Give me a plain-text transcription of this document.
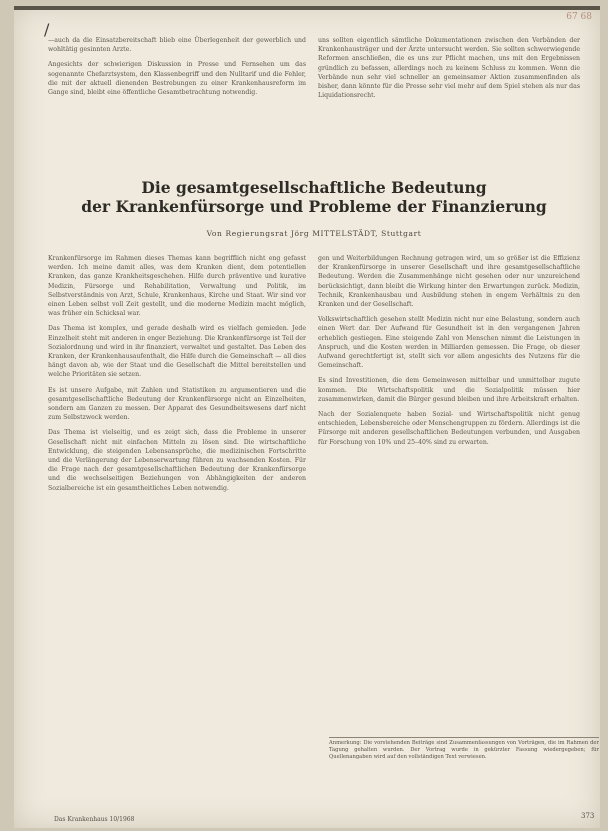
67 68
/

—auch da die Einsatzbereitschaft blieb eine Überlegenheit der gewerblich und wohltätig gesinnten Arzte.

Angesichts der schwierigen Diskussion in Presse und Fernsehen um das sogenannte Chefarztsystem, den Klassenbegriff und den Nulltarif und die Fehler, die mit der aktuell dienenden Bestrebungen zu einer Krankenhausreform im Gange sind, bleibt eine öffentliche Gesamtbetrachtung notwendig.

uns sollten eigentlich sämtliche Dokumentationen zwischen den Verbänden der Krankenhausträger und der Ärzte untersucht werden. Sie sollten schwerwiegende Reformen anschließen, die es uns zur Pflicht machen, uns mit den Ergebnissen gründlich zu befassen, allerdings noch zu keinem Schluss zu kommen. Wenn die Verbände nun sehr viel schneller an gemeinsamer Aktion zusammenfinden als bisher, dann könnte für die Presse sehr viel mehr auf dem Spiel stehen als nur das Liquidationsrecht.

Die gesamtgesellschaftliche Bedeutung
der Krankenfürsorge und Probleme der Finanzierung
Von Regierungsrat Jörg MITTELSTÄDT, Stuttgart

Krankenfürsorge im Rahmen dieses Themas kann begrifflich nicht eng gefasst werden. Ich meine damit alles, was dem Kranken dient, dem potentiellen Kranken, das ganze Krankheitsgeschehen. Hilfe durch präventive und kurative Medizin, Fürsorge und Rehabilitation, Verwaltung und Politik, im Selbstverständnis von Arzt, Schule, Krankenhaus, Kirche und Staat. Wir sind vor einen Leben selbst voll Zeit gestellt, und die moderne Medizin macht möglich, was früher ein Schicksal war.

Das Thema ist komplex, und gerade deshalb wird es vielfach gemieden. Jede Einzelheit steht mit anderen in enger Beziehung. Die Krankenfürsorge ist Teil der Sozialordnung und wird in ihr finanziert, verwaltet und gestaltet. Das Leben des Kranken, der Krankenhausaufenthalt, die Hilfe durch die Gemeinschaft — all dies hängt davon ab, wie der Staat und die Gesellschaft die Mittel bereitstellen und welche Prioritäten sie setzen.

Es ist unsere Aufgabe, mit Zahlen und Statistiken zu argumentieren und die gesamtgesellschaftliche Bedeutung der Krankenfürsorge nicht an Einzelheiten, sondern am Ganzen zu messen. Der Apparat des Gesundheitswesens darf nicht zum Selbstzweck werden.

Das Thema ist vielseitig, und es zeigt sich, dass die Probleme in unserer Gesellschaft nicht mit einfachen Mitteln zu lösen sind. Die wirtschaftliche Entwicklung, die steigenden Lebensansprüche, die medizinischen Fortschritte und die Verlängerung der Lebenserwartung führen zu wachsenden Kosten. Für die Frage nach der gesamtgesellschaftlichen Bedeutung der Krankenfürsorge und die wechselseitigen Beziehungen von Abhängigkeiten der anderen Sozialbereiche ist ein gesamtheitliches Leben notwendig.

gen und Weiterbildungen Rechnung getragen wird, um so größer ist die Effizienz der Krankenfürsorge in unserer Gesellschaft und ihre gesamtgesellschaftliche Bedeutung. Werden die Zusammenhänge nicht gesehen oder nur unzureichend berücksichtigt, dann bleibt die Wirkung hinter den Erwartungen zurück. Medizin, Technik, Krankenhausbau und Ausbildung stehen in engem Verhältnis zu den Kranken und der Gesellschaft.

Volkswirtschaftlich gesehen stellt Medizin nicht nur eine Belastung, sondern auch einen Wert dar. Der Aufwand für Gesundheit ist in den vergangenen Jahren erheblich gestiegen. Eine steigende Zahl von Menschen nimmt die Leistungen in Anspruch, und die Kosten werden in Milliarden gemessen. Die Frage, ob dieser Aufwand gerechtfertigt ist, stellt sich vor allem angesichts des Nutzens für die Gemeinschaft.

Es sind Investitionen, die dem Gemeinwesen mittelbar und unmittelbar zugute kommen. Die Wirtschaftspolitik und die Sozialpolitik müssen hier zusammenwirken, damit die Bürger gesund bleiben und ihre Arbeitskraft erhalten.

Nach der Sozialenquete haben Sozial- und Wirtschaftspolitik nicht genug entschieden, Lebensbereiche oder Menschengruppen zu fördern. Allerdings ist die Fürsorge mit anderen gesellschaftlichen Bedeutungen verbunden, und Ausgaben für Forschung von 10% und 25–40% sind zu erwarten.

Anmerkung: Die vorstehenden Beiträge sind Zusammenfassungen von Vorträgen, die im Rahmen der Tagung gehalten wurden. Der Vortrag wurde in gekürzter Fassung wiedergegeben; für Quellenangaben wird auf den vollständigen Text verwiesen.
Das Krankenhaus 10/1968	373
